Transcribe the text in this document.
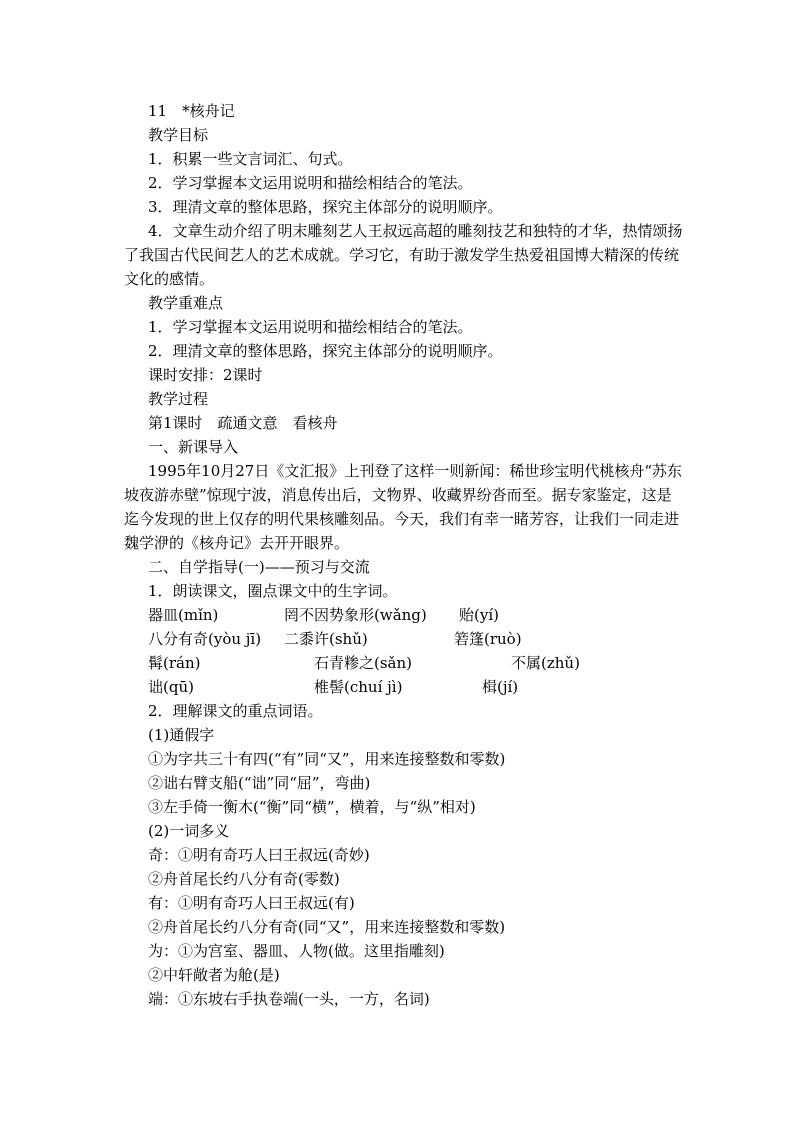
11　*核舟记
教学目标
1．积累一些文言词汇、句式。
2．学习掌握本文运用说明和描绘相结合的笔法。
3．理清文章的整体思路，探究主体部分的说明顺序。
4．文章生动介绍了明末雕刻艺人王叔远高超的雕刻技艺和独特的才华，热情颂扬了我国古代民间艺人的艺术成就。学习它，有助于激发学生热爱祖国博大精深的传统文化的感情。
教学重难点
1．学习掌握本文运用说明和描绘相结合的笔法。
2．理清文章的整体思路，探究主体部分的说明顺序。
课时安排：2课时
教学过程
第1课时　疏通文意　看核舟
一、新课导入
1995年10月27日《文汇报》上刊登了这样一则新闻：稀世珍宝明代桃核舟“苏东坡夜游赤壁”惊现宁波，消息传出后，文物界、收藏界纷沓而至。据专家鉴定，这是迄今发现的世上仅存的明代果核雕刻品。今天，我们有幸一睹芳容，让我们一同走进魏学洢的《核舟记》去开开眼界。
二、自学指导(一)——预习与交流
1．朗读课文，圈点课文中的生字词。
器皿(mǐn)	罔不因势象形(wǎng) 贻(yí)
八分有奇(yòu jī) 二黍许(shǔ)	箬篷(ruò)
髯(rán)	石青糁之(sǎn)	不属(zhǔ)
诎(qū)	椎髻(chuí jì)	楫(jí)
2．理解课文的重点词语。
(1)通假字
①为字共三十有四(“有”同“又”，用来连接整数和零数)
②诎右臂支船(“诎”同“屈”，弯曲)
③左手倚一衡木(“衡”同“横”，横着，与“纵”相对)
(2)一词多义
奇：①明有奇巧人曰王叔远(奇妙)
②舟首尾长约八分有奇(零数)
有：①明有奇巧人曰王叔远(有)
②舟首尾长约八分有奇(同“又”，用来连接整数和零数)
为：①为宫室、器皿、人物(做。这里指雕刻)
②中轩敞者为舱(是)
端：①东坡右手执卷端(一头，一方，名词)
